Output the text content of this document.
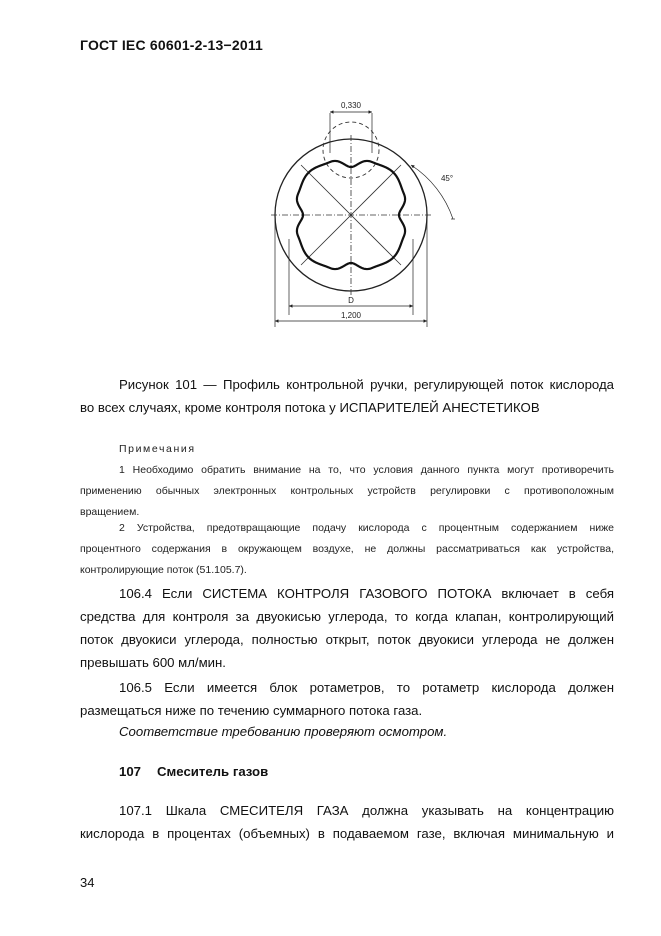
ГОСТ IEC 60601-2-13−2011
0,330
45°
D
1,200
Рисунок 101 — Профиль контрольной ручки, регулирующей поток кислорода
во всех случаях, кроме контроля потока у ИСПАРИТЕЛЕЙ АНЕСТЕТИКОВ
Примечания
1 Необходимо обратить внимание на то, что условия данного пункта могут противоречить
применению обычных электронных контрольных устройств регулировки с противоположным
вращением.
2 Устройства, предотвращающие подачу кислорода с процентным содержанием ниже
процентного содержания в окружающем воздухе, не должны рассматриваться как устройства,
контролирующие поток (51.105.7).
106.4 Если СИСТЕМА КОНТРОЛЯ ГАЗОВОГО ПОТОКА включает в себя
средства для контроля за двуокисью углерода, то когда клапан, контролирующий
поток двуокиси углерода, полностью открыт, поток двуокиси углерода не должен
превышать 600 мл/мин.
106.5 Если имеется блок ротаметров, то ротаметр кислорода должен
размещаться ниже по течению суммарного потока газа.
Соответствие требованию проверяют осмотром.
107 Смеситель газов
107.1 Шкала СМЕСИТЕЛЯ ГАЗА должна указывать на концентрацию
кислорода в процентах (объемных) в подаваемом газе, включая минимальную и
34
